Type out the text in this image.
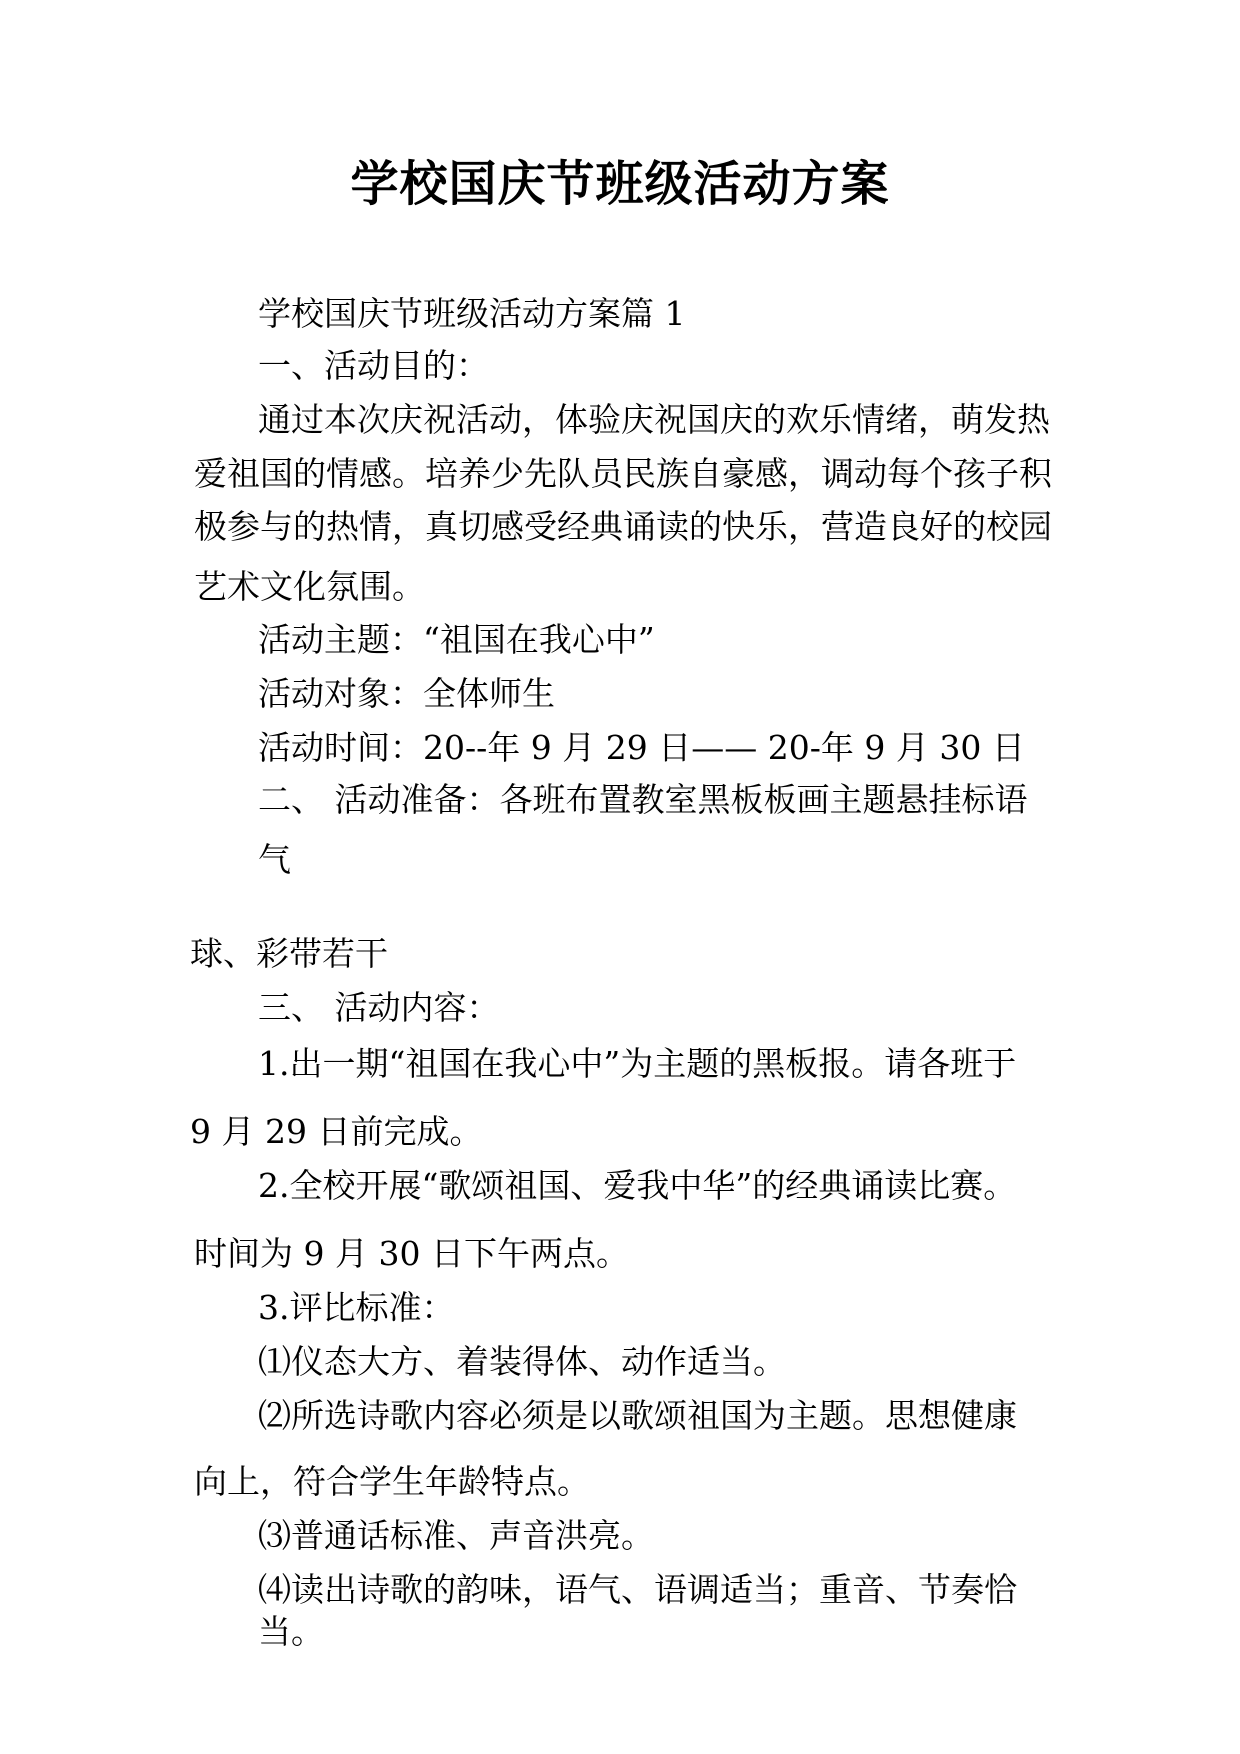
学校国庆节班级活动方案

学校国庆节班级活动方案篇 1

一、活动目的：

通过本次庆祝活动，体验庆祝国庆的欢乐情绪，萌发热

爱祖国的情感。培养少先队员民族自豪感，调动每个孩子积

极参与的热情，真切感受经典诵读的快乐，营造良好的校园

艺术文化氛围。

活动主题：“祖国在我心中”

活动对象：全体师生

活动时间：20--年 9 月 29 日—— 20-年 9 月 30 日

二、 活动准备：各班布置教室黑板板画主题悬挂标语

气

球、彩带若干

三、 活动内容：

1.出一期“祖国在我心中”为主题的黑板报。请各班于

9 月 29 日前完成。

2.全校开展“歌颂祖国、爱我中华”的经典诵读比赛。

时间为 9 月 30 日下午两点。

3.评比标准：

⑴仪态大方、着装得体、动作适当。

⑵所选诗歌内容必须是以歌颂祖国为主题。思想健康

向上，符合学生年龄特点。

⑶普通话标准、声音洪亮。

⑷读出诗歌的韵味，语气、语调适当；重音、节奏恰

当。
